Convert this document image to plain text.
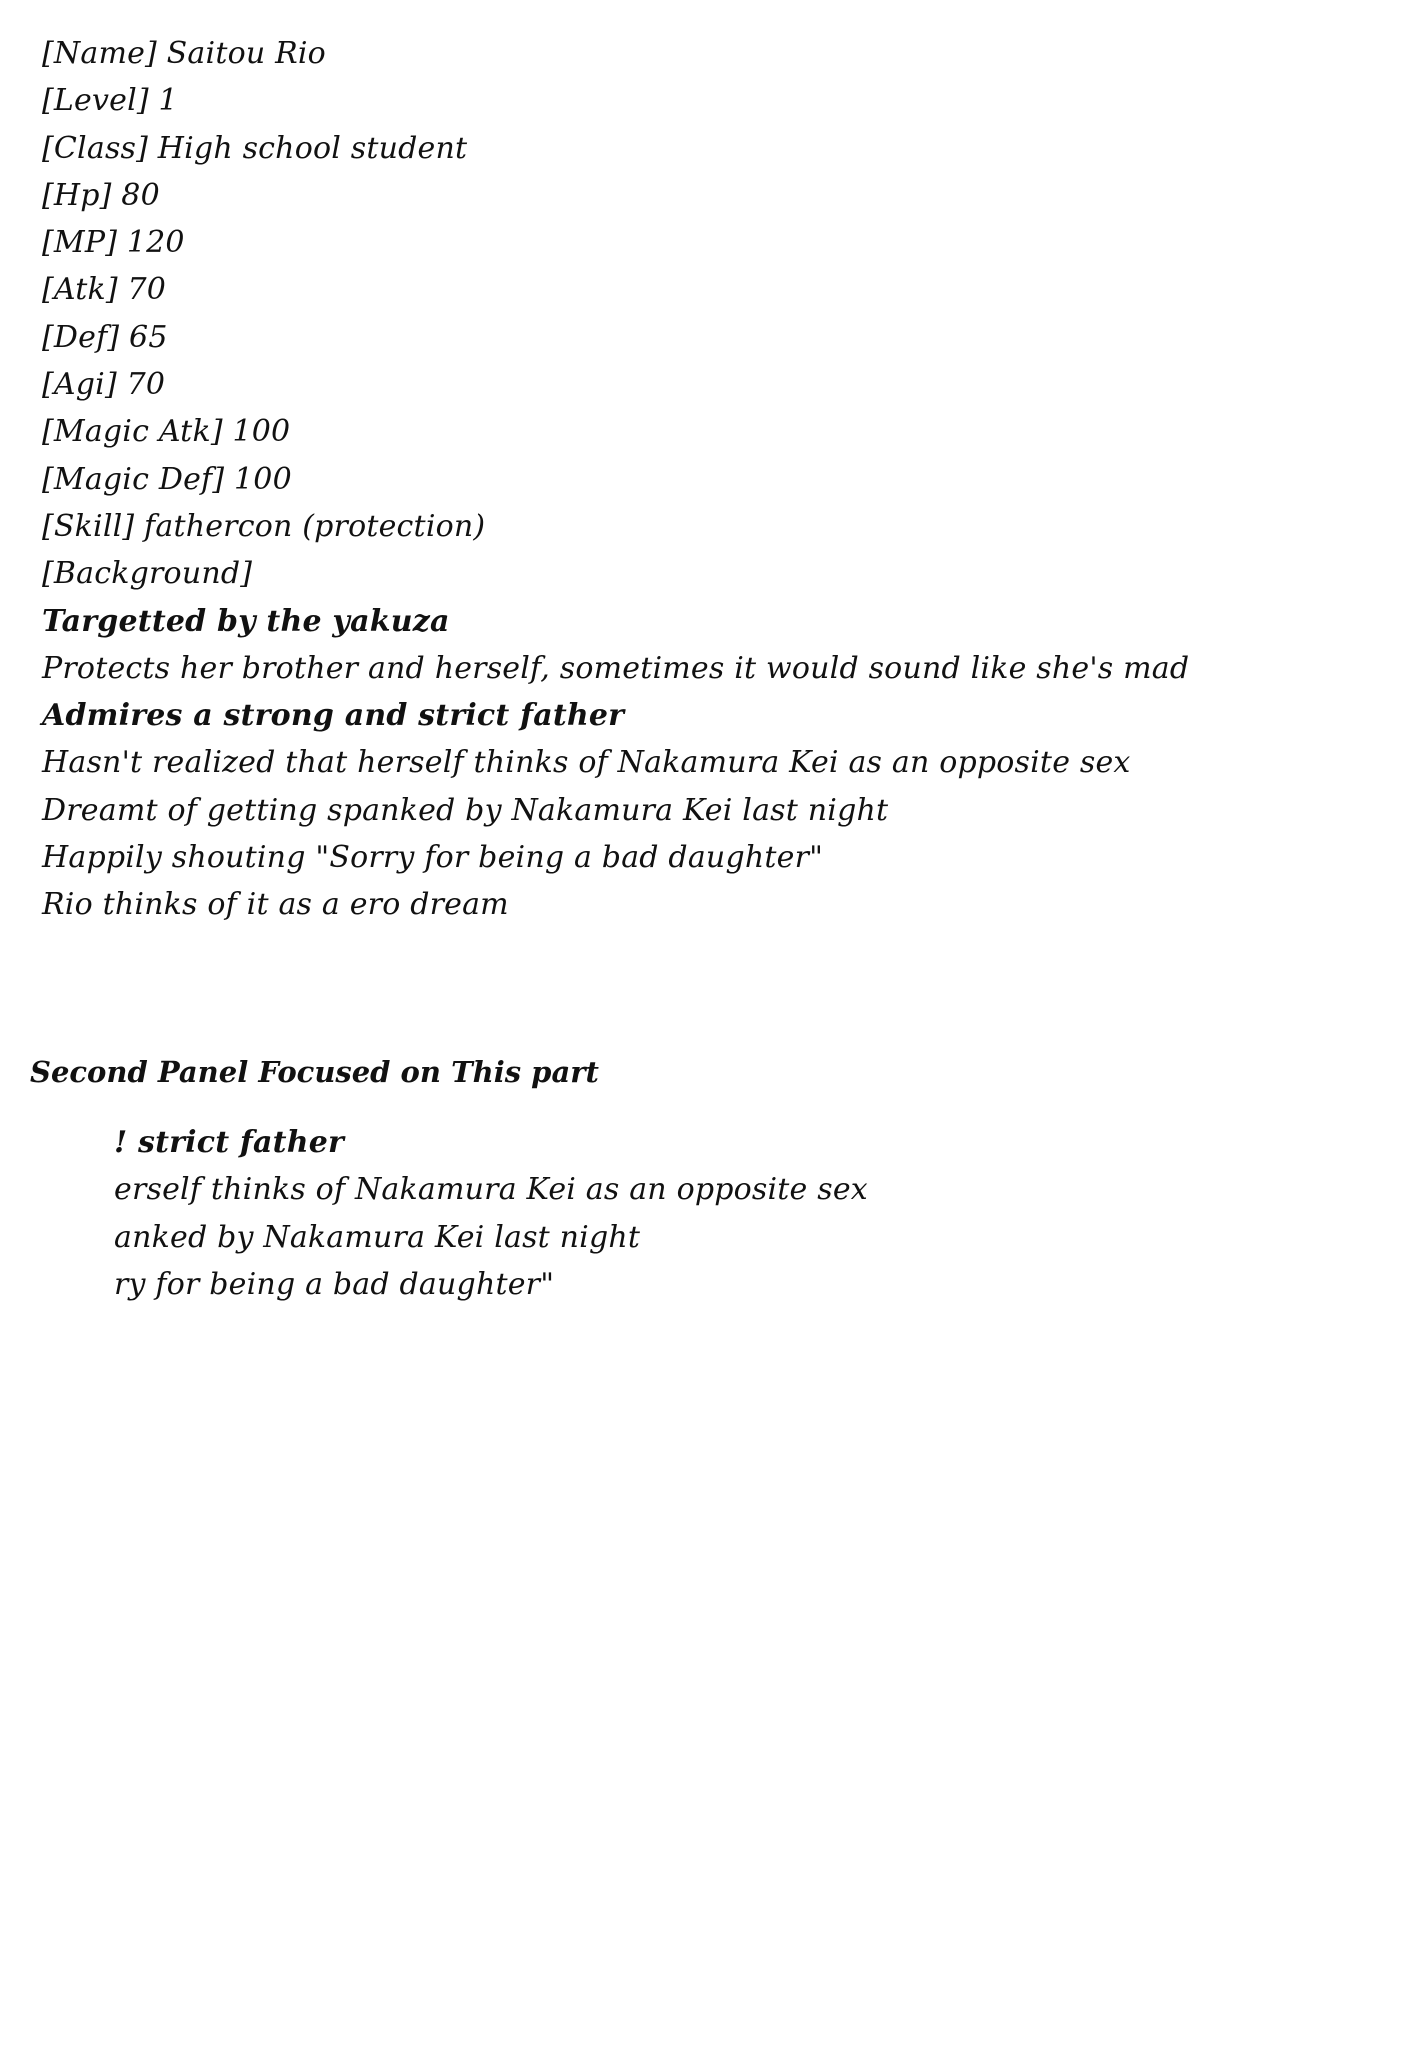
[Name] Saitou Rio
[Level] 1
[Class] High school student
[Hp] 80
[MP] 120
[Atk] 70
[Def] 65
[Agi] 70
[Magic Atk] 100
[Magic Def] 100
[Skill] fathercon (protection)
[Background]
Targetted by the yakuza
Protects her brother and herself, sometimes it would sound like she's mad
Admires a strong and strict father
Hasn't realized that herself thinks of Nakamura Kei as an opposite sex
Dreamt of getting spanked by Nakamura Kei last night
Happily shouting "Sorry for being a bad daughter"
Rio thinks of it as a ero dream
Second Panel Focused on This part
! strict father
erself thinks of Nakamura Kei as an opposite sex
anked by Nakamura Kei last night
ry for being a bad daughter"
